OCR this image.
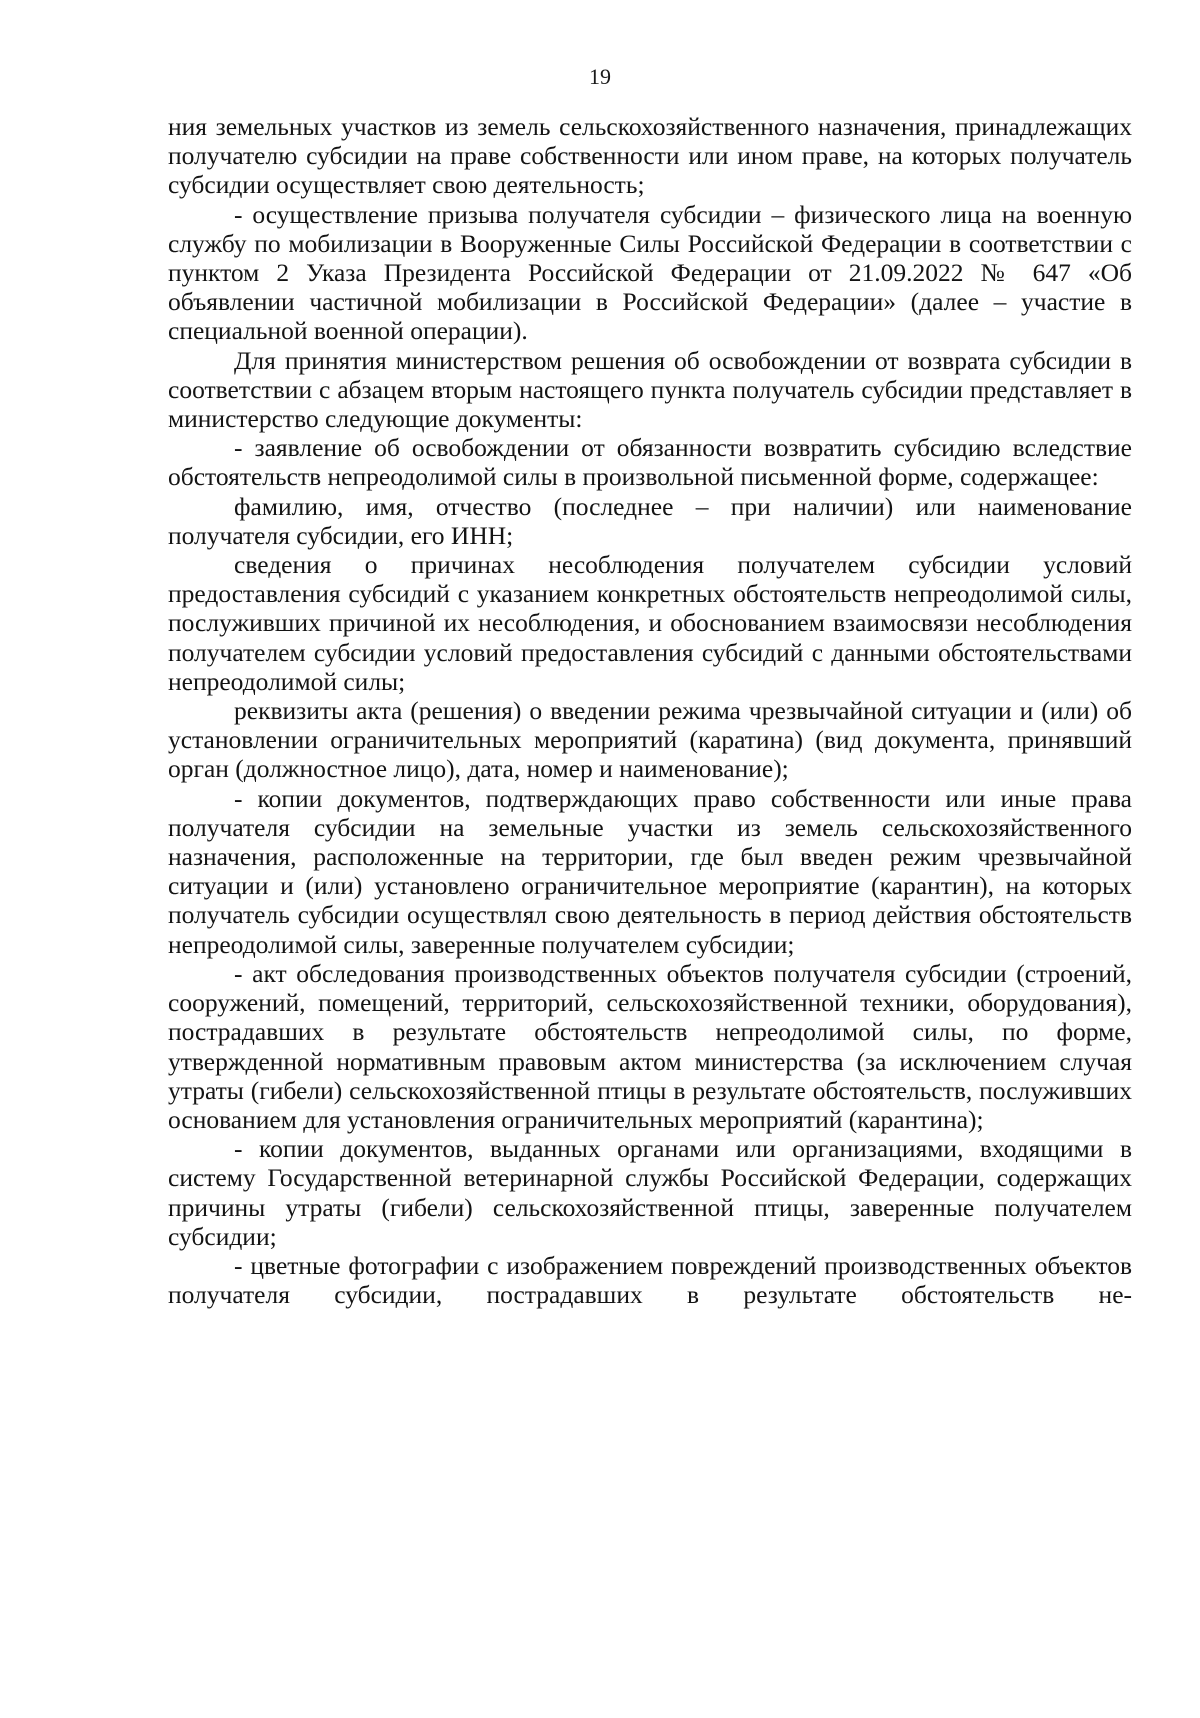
19

ния земельных участков из земель сельскохозяйственного назначения, принадлежащих получателю субсидии на праве собственности или ином праве, на которых получатель субсидии осуществляет свою деятельность;

- осуществление призыва получателя субсидии – физического лица на военную службу по мобилизации в Вооруженные Силы Российской Федерации в соответствии с пунктом 2 Указа Президента Российской Федерации от 21.09.2022 № 647 «Об объявлении частичной мобилизации в Российской Федерации» (далее – участие в специальной военной операции).

Для принятия министерством решения об освобождении от возврата субсидии в соответствии с абзацем вторым настоящего пункта получатель субсидии представляет в министерство следующие документы:

- заявление об освобождении от обязанности возвратить субсидию вследствие обстоятельств непреодолимой силы в произвольной письменной форме, содержащее:

фамилию, имя, отчество (последнее – при наличии) или наименование получателя субсидии, его ИНН;

сведения о причинах несоблюдения получателем субсидии условий предоставления субсидий с указанием конкретных обстоятельств непреодолимой силы, послуживших причиной их несоблюдения, и обоснованием взаимосвязи несоблюдения получателем субсидии условий предоставления субсидий с данными обстоятельствами непреодолимой силы;

реквизиты акта (решения) о введении режима чрезвычайной ситуации и (или) об установлении ограничительных мероприятий (каратина) (вид документа, принявший орган (должностное лицо), дата, номер и наименование);

- копии документов, подтверждающих право собственности или иные права получателя субсидии на земельные участки из земель сельскохозяйственного назначения, расположенные на территории, где был введен режим чрезвычайной ситуации и (или) установлено ограничительное мероприятие (карантин), на которых получатель субсидии осуществлял свою деятельность в период действия обстоятельств непреодолимой силы, заверенные получателем субсидии;

- акт обследования производственных объектов получателя субсидии (строений, сооружений, помещений, территорий, сельскохозяйственной техники, оборудования), пострадавших в результате обстоятельств непреодолимой силы, по форме, утвержденной нормативным правовым актом министерства (за исключением случая утраты (гибели) сельскохозяйственной птицы в результате обстоятельств, послуживших основанием для установления ограничительных мероприятий (карантина);

- копии документов, выданных органами или организациями, входящими в систему Государственной ветеринарной службы Российской Федерации, содержащих причины утраты (гибели) сельскохозяйственной птицы, заверенные получателем субсидии;

- цветные фотографии с изображением повреждений производственных объектов получателя субсидии, пострадавших в результате обстоятельств не-
